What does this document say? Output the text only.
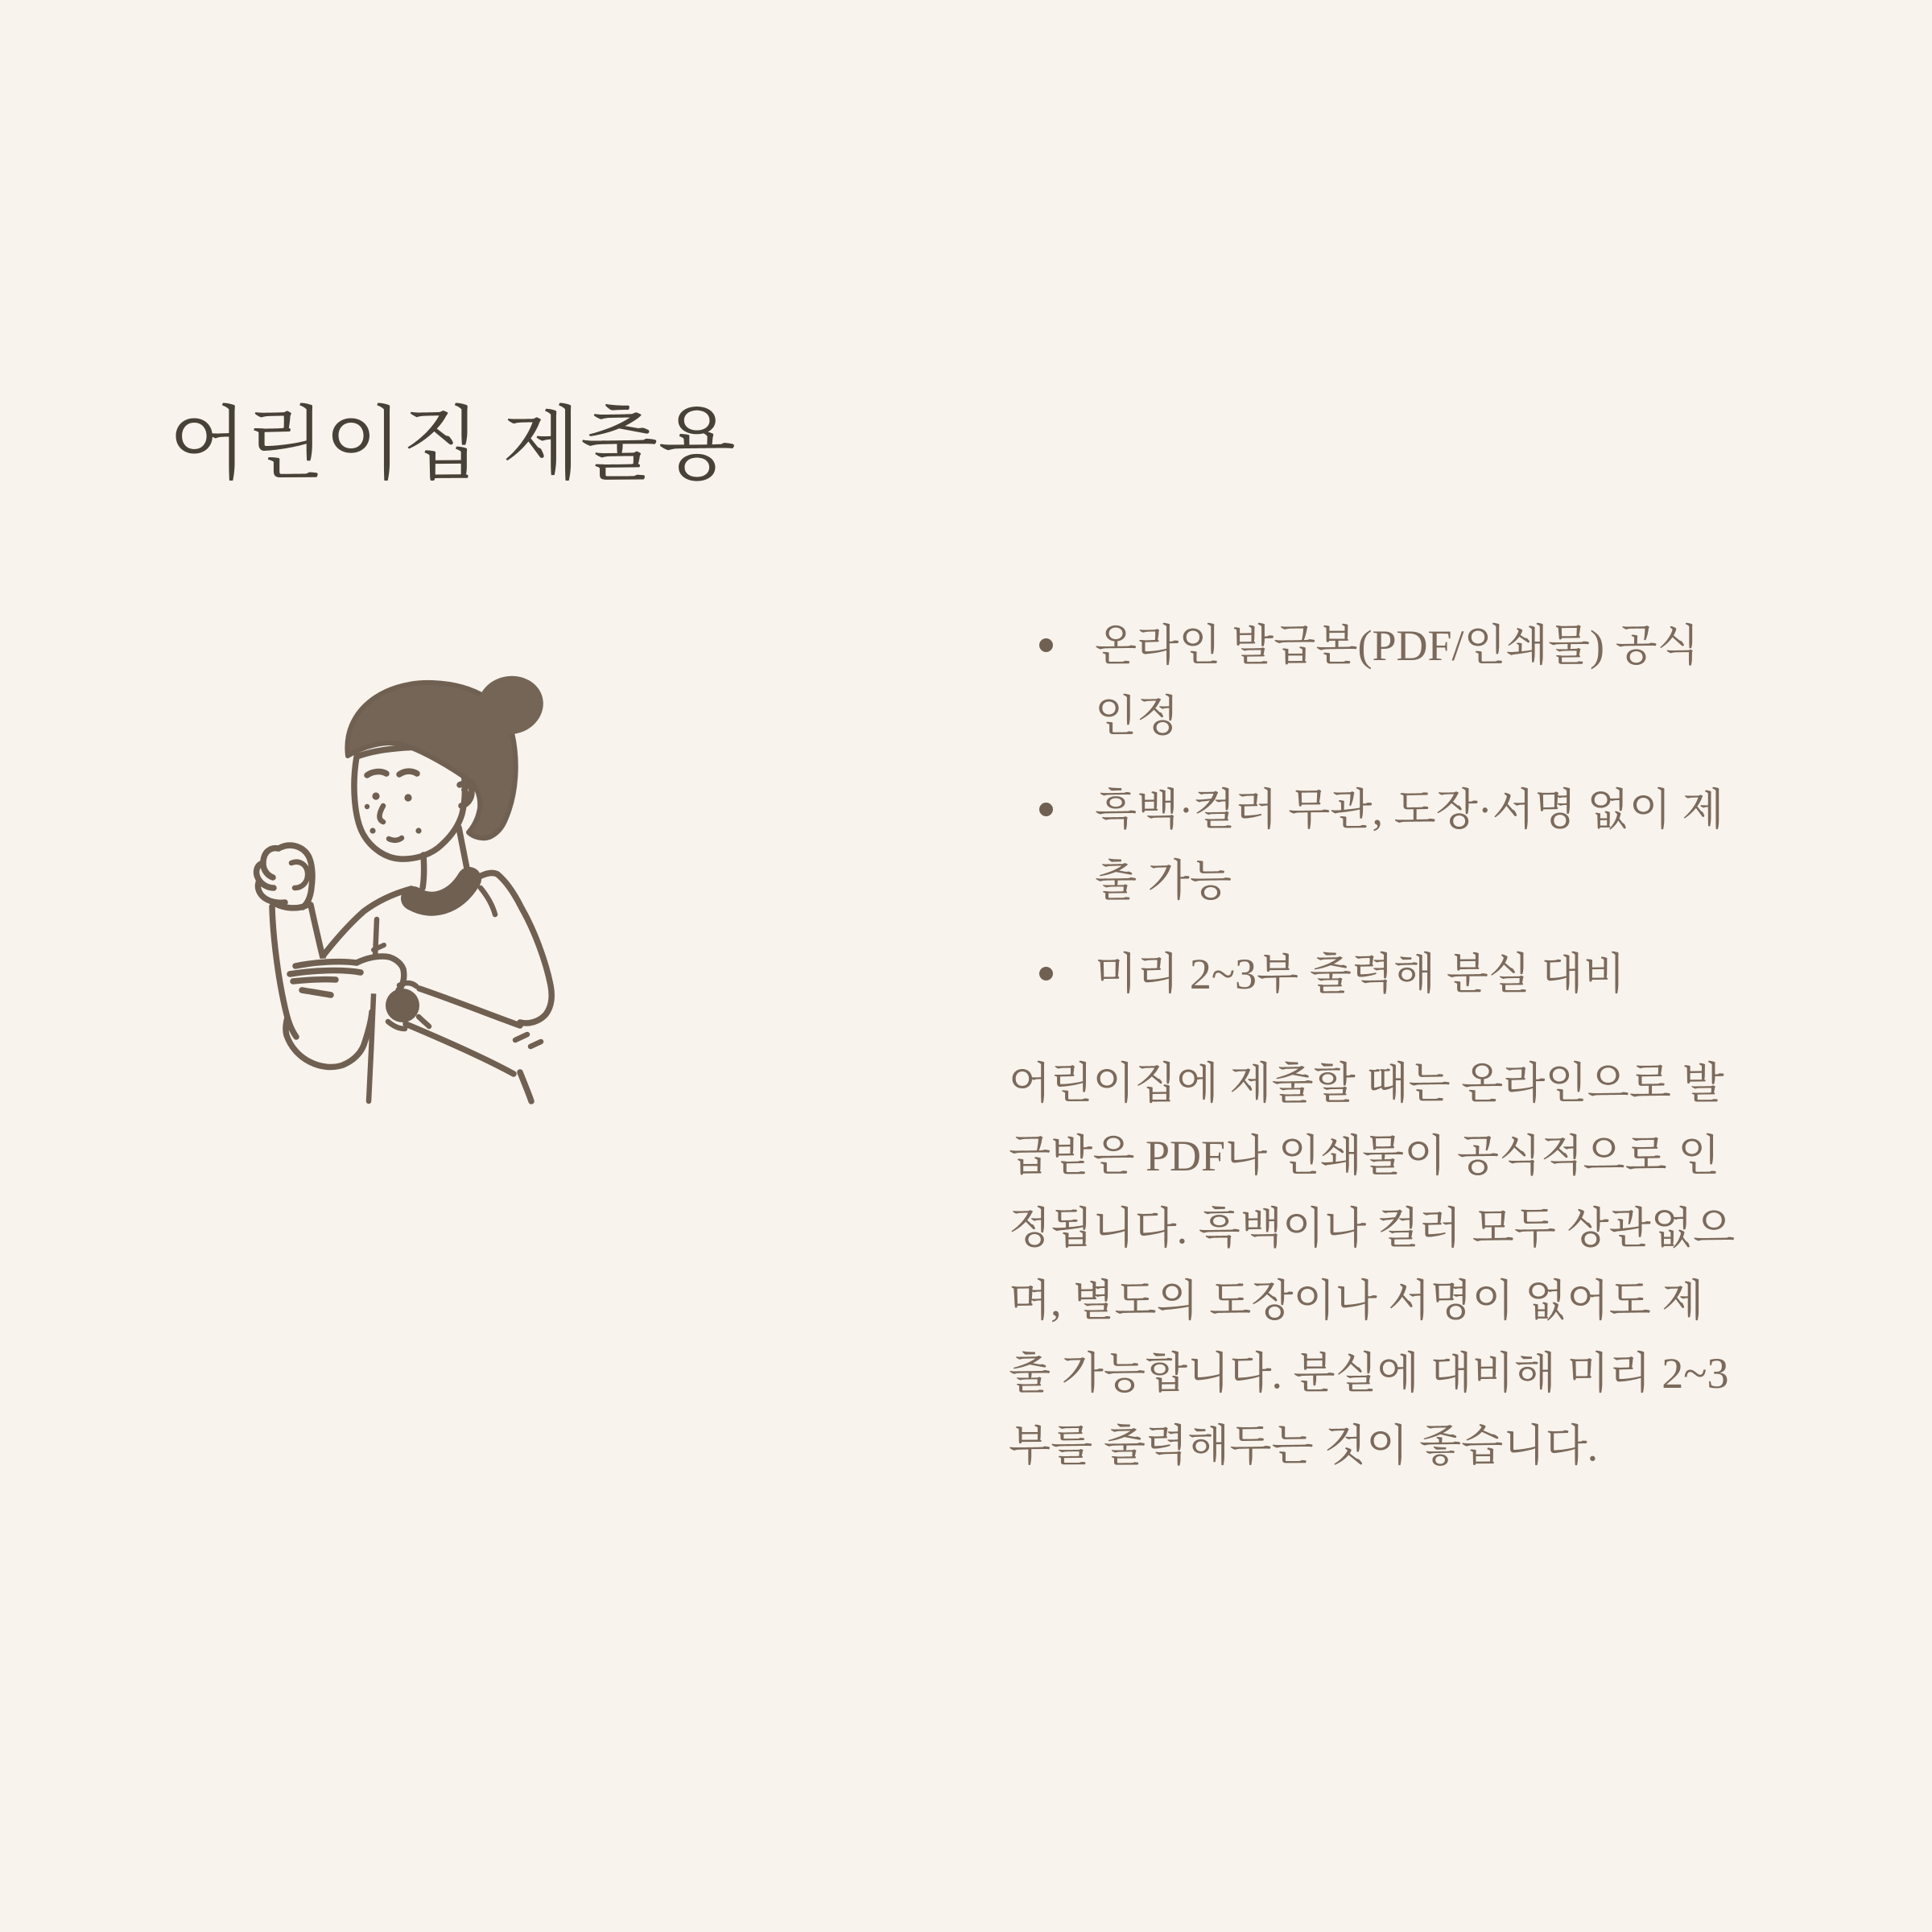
어린이집 제출용
온라인 발급본(PDF/인쇄물) 공식 인정
흑백·컬러 무관, 도장·서명 없이 제출 가능
미리 2~3부 출력해 분실 대비

어린이집에 제출할 때는 온라인으로 발급받은 PDF나 인쇄물이 공식적으로 인정됩니다. 흑백이나 컬러 모두 상관없으며, 별도의 도장이나 서명이 없어도 제출 가능합니다. 분실에 대비해 미리 2~3부를 출력해두는 것이 좋습니다.
